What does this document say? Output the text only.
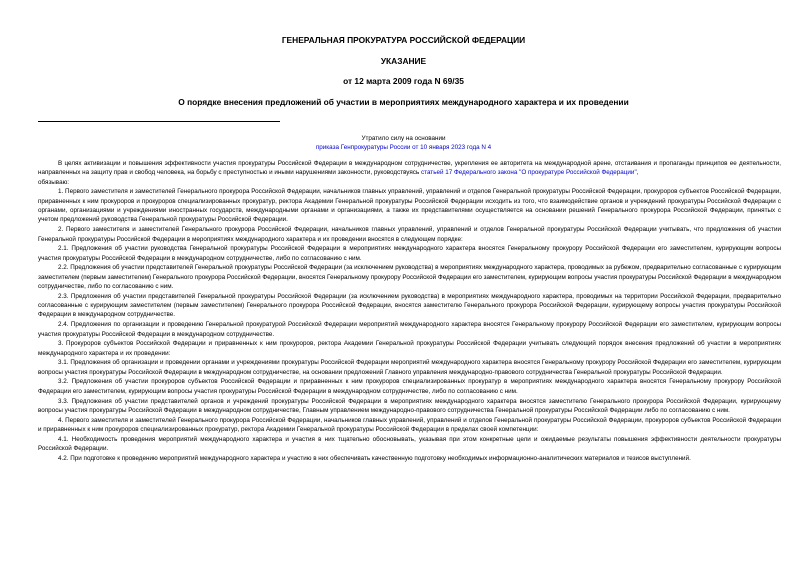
ГЕНЕРАЛЬНАЯ ПРОКУРАТУРА РОССИЙСКОЙ ФЕДЕРАЦИИ
УКАЗАНИЕ
от 12 марта 2009 года N 69/35
О порядке внесения предложений об участии в мероприятиях международного характера и их проведении
Утратило силу на основании
приказа Генпрокуратуры России от 10 января 2023 года N 4

В целях активизации и повышения эффективности участия прокуратуры Российской Федерации в международном сотрудничестве, укрепления ее авторитета на международной арене, отстаивания и пропаганды принципов ее деятельности, направленных на защиту прав и свобод человека, на борьбу с преступностью и иными нарушениями законности, руководствуясь статьей 17 Федерального закона "О прокуратуре Российской Федерации",

обязываю:

1. Первого заместителя и заместителей Генерального прокурора Российской Федерации, начальников главных управлений, управлений и отделов Генеральной прокуратуры Российской Федерации, прокуроров субъектов Российской Федерации, приравненных к ним прокуроров и прокуроров специализированных прокуратур, ректора Академии Генеральной прокуратуры Российской Федерации исходить из того, что взаимодействие органов и учреждений прокуратуры Российской Федерации с органами, организациями и учреждениями иностранных государств, международными органами и организациями, а также их представителями осуществляется на основании решений Генерального прокурора Российской Федерации, принятых с учетом предложений руководства Генеральной прокуратуры Российской Федерации.

2. Первого заместителя и заместителей Генерального прокурора Российской Федерации, начальников главных управлений, управлений и отделов Генеральной прокуратуры Российской Федерации учитывать, что предложения об участии Генеральной прокуратуры Российской Федерации в мероприятиях международного характера и их проведении вносятся в следующем порядке:

2.1. Предложения об участии руководства Генеральной прокуратуры Российской Федерации в мероприятиях международного характера вносятся Генеральному прокурору Российской Федерации его заместителем, курирующим вопросы участия прокуратуры Российской Федерации в международном сотрудничестве, либо по согласованию с ним.

2.2. Предложения об участии представителей Генеральной прокуратуры Российской Федерации (за исключением руководства) в мероприятиях международного характера, проводимых за рубежом, предварительно согласованные с курирующим заместителем (первым заместителем) Генерального прокурора Российской Федерации, вносятся Генеральному прокурору Российской Федерации его заместителем, курирующим вопросы участия прокуратуры Российской Федерации в международном сотрудничестве, либо по согласованию с ним.

2.3. Предложения об участии представителей Генеральной прокуратуры Российской Федерации (за исключением руководства) в мероприятиях международного характера, проводимых на территории Российской Федерации, предварительно согласованные с курирующим заместителем (первым заместителем) Генерального прокурора Российской Федерации, вносятся заместителю Генерального прокурора Российской Федерации, курирующему вопросы участия прокуратуры Российской Федерации в международном сотрудничестве.

2.4. Предложения по организации и проведению Генеральной прокуратурой Российской Федерации мероприятий международного характера вносятся Генеральному прокурору Российской Федерации его заместителем, курирующим вопросы участия прокуратуры Российской Федерации в международном сотрудничестве.

3. Прокуроров субъектов Российской Федерации и приравненных к ним прокуроров, ректора Академии Генеральной прокуратуры Российской Федерации учитывать следующий порядок внесения предложений об участии в мероприятиях международного характера и их проведении:

3.1. Предложения об организации и проведении органами и учреждениями прокуратуры Российской Федерации мероприятий международного характера вносятся Генеральному прокурору Российской Федерации его заместителем, курирующим вопросы участия прокуратуры Российской Федерации в международном сотрудничестве, на основании предложений Главного управления международно-правового сотрудничества Генеральной прокуратуры Российской Федерации.

3.2. Предложения об участии прокуроров субъектов Российской Федерации и приравненных к ним прокуроров специализированных прокуратур в мероприятиях международного характера вносятся Генеральному прокурору Российской Федерации его заместителем, курирующим вопросы участия прокуратуры Российской Федерации в международном сотрудничестве, либо по согласованию с ним.

3.3. Предложения об участии представителей органов и учреждений прокуратуры Российской Федерации в мероприятиях международного характера вносятся заместителю Генерального прокурора Российской Федерации, курирующему вопросы участия прокуратуры Российской Федерации в международном сотрудничестве, Главным управлением международно-правового сотрудничества Генеральной прокуратуры Российской Федерации либо по согласованию с ним.

4. Первого заместителя и заместителей Генерального прокурора Российской Федерации, начальников главных управлений, управлений и отделов Генеральной прокуратуры Российской Федерации, прокуроров субъектов Российской Федерации и приравненных к ним прокуроров специализированных прокуратур, ректора Академии Генеральной прокуратуры Российской Федерации в пределах своей компетенции:

4.1. Необходимость проведения мероприятий международного характера и участия в них тщательно обосновывать, указывая при этом конкретные цели и ожидаемые результаты повышения эффективности деятельности прокуратуры Российской Федерации.

4.2. При подготовке к проведению мероприятий международного характера и участию в них обеспечивать качественную подготовку необходимых информационно-аналитических материалов и тезисов выступлений.
